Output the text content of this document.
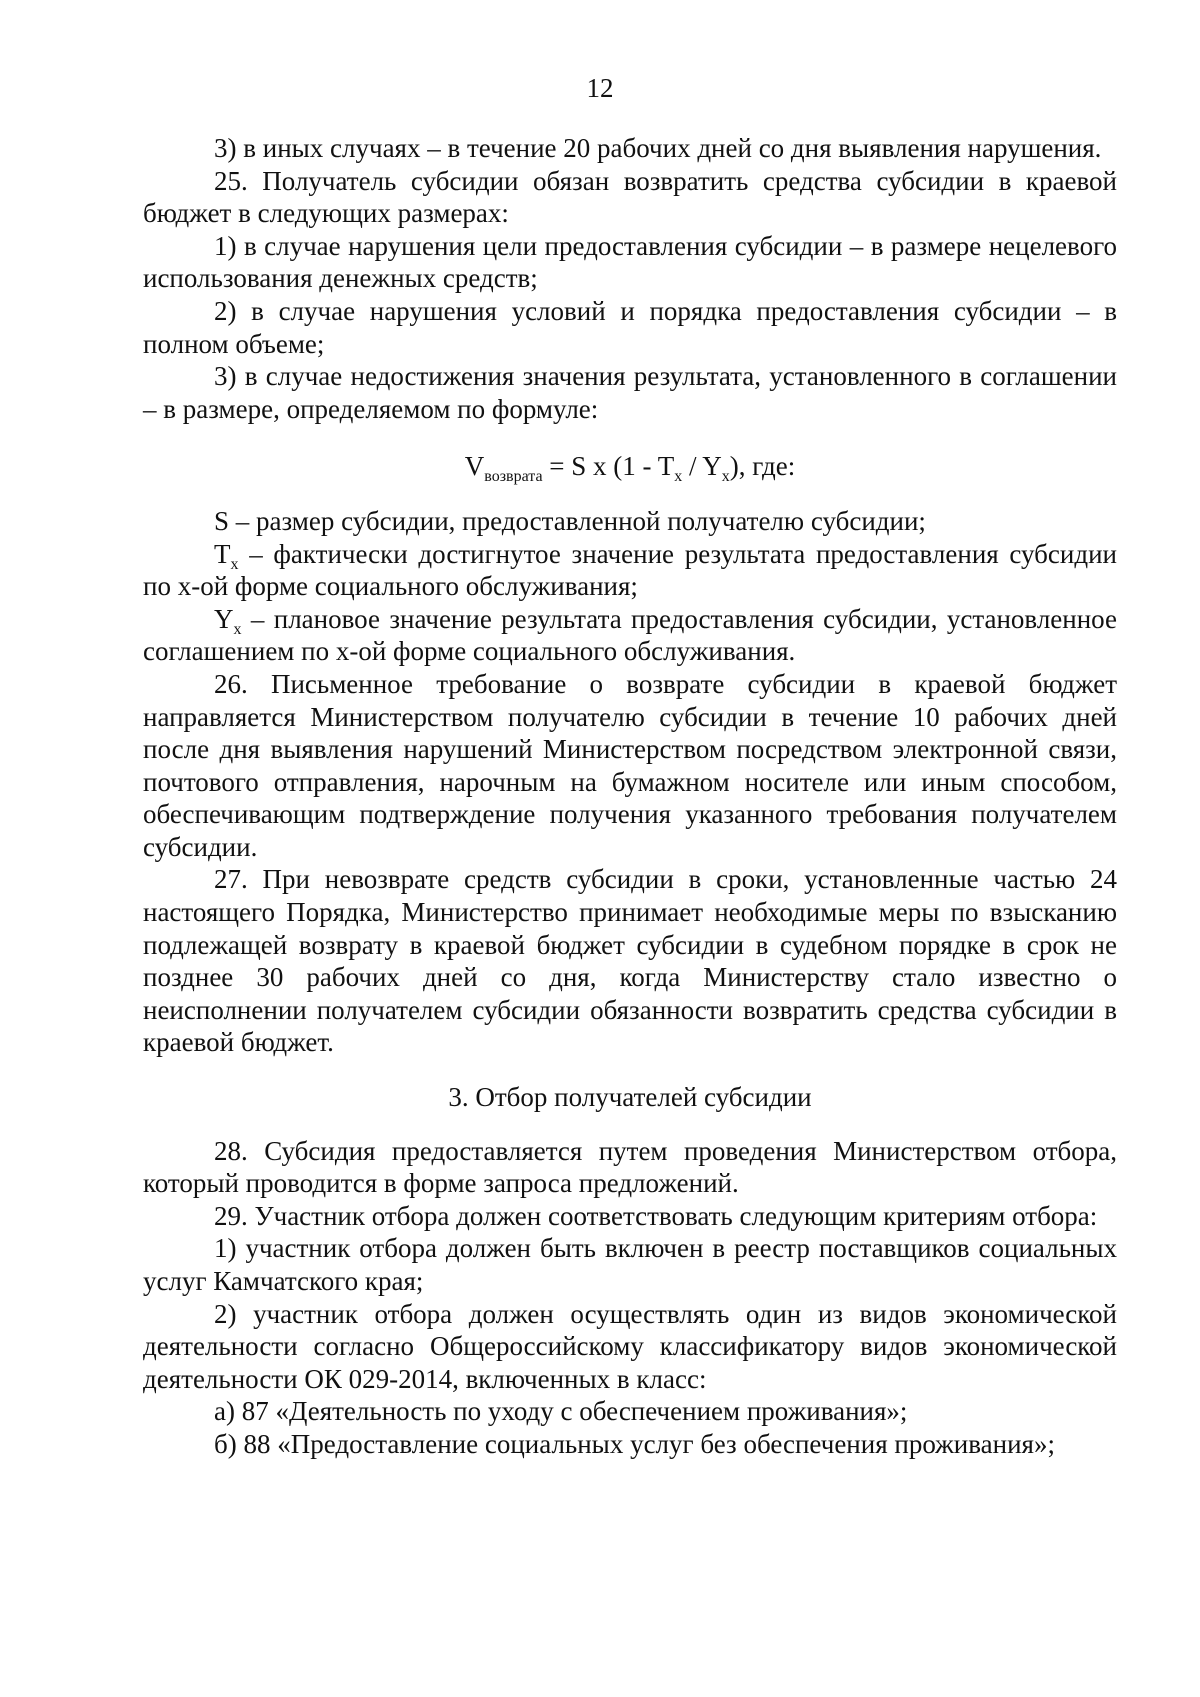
12

3) в иных случаях – в течение 20 рабочих дней со дня выявления нарушения.

25. Получатель субсидии обязан возвратить средства субсидии в краевой бюджет в следующих размерах:

1) в случае нарушения цели предоставления субсидии – в размере нецелевого использования денежных средств;

2) в случае нарушения условий и порядка предоставления субсидии – в полном объеме;

3) в случае недостижения значения результата, установленного в соглашении – в размере, определяемом по формуле:

$V_{возврата} = S$ x $(1 - T_x / Y_x)$, где:

S – размер субсидии, предоставленной получателю субсидии;

$T_x$ – фактически достигнутое значение результата предоставления субсидии по x-ой форме социального обслуживания;

$Y_x$ – плановое значение результата предоставления субсидии, установленное соглашением по x-ой форме социального обслуживания.

26. Письменное требование о возврате субсидии в краевой бюджет направляется Министерством получателю субсидии в течение 10 рабочих дней после дня выявления нарушений Министерством посредством электронной связи, почтового отправления, нарочным на бумажном носителе или иным способом, обеспечивающим подтверждение получения указанного требования получателем субсидии.

27. При невозврате средств субсидии в сроки, установленные частью 24 настоящего Порядка, Министерство принимает необходимые меры по взысканию подлежащей возврату в краевой бюджет субсидии в судебном порядке в срок не позднее 30 рабочих дней со дня, когда Министерству стало известно о неисполнении получателем субсидии обязанности возвратить средства субсидии в краевой бюджет.

3. Отбор получателей субсидии

28. Субсидия предоставляется путем проведения Министерством отбора, который проводится в форме запроса предложений.

29. Участник отбора должен соответствовать следующим критериям отбора:

1) участник отбора должен быть включен в реестр поставщиков социальных услуг Камчатского края;

2) участник отбора должен осуществлять один из видов экономической деятельности согласно Общероссийскому классификатору видов экономической деятельности ОК 029-2014, включенных в класс:

а) 87 «Деятельность по уходу с обеспечением проживания»;

б) 88 «Предоставление социальных услуг без обеспечения проживания»;
